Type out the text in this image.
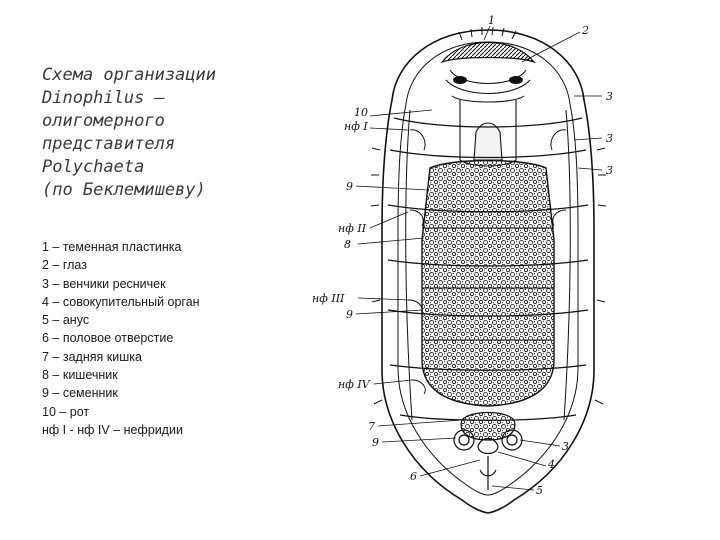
Схема организации
Dinophilus –
олигомерного
представителя
Polychaeta
(по Беклемишеву)
1 – теменная пластинка
2 – глаз
3 – венчики ресничек
4 – совокупительный орган
5 – анус
6 – половое отверстие
7 – задняя кишка
8 – кишечник
9 – семенник
10 – рот
нф I - нф IV – нефридии
1
2
3
3
3
10
нф I
9
нф II
8
нф III
9
нф IV
7
9	3
4
6
5
